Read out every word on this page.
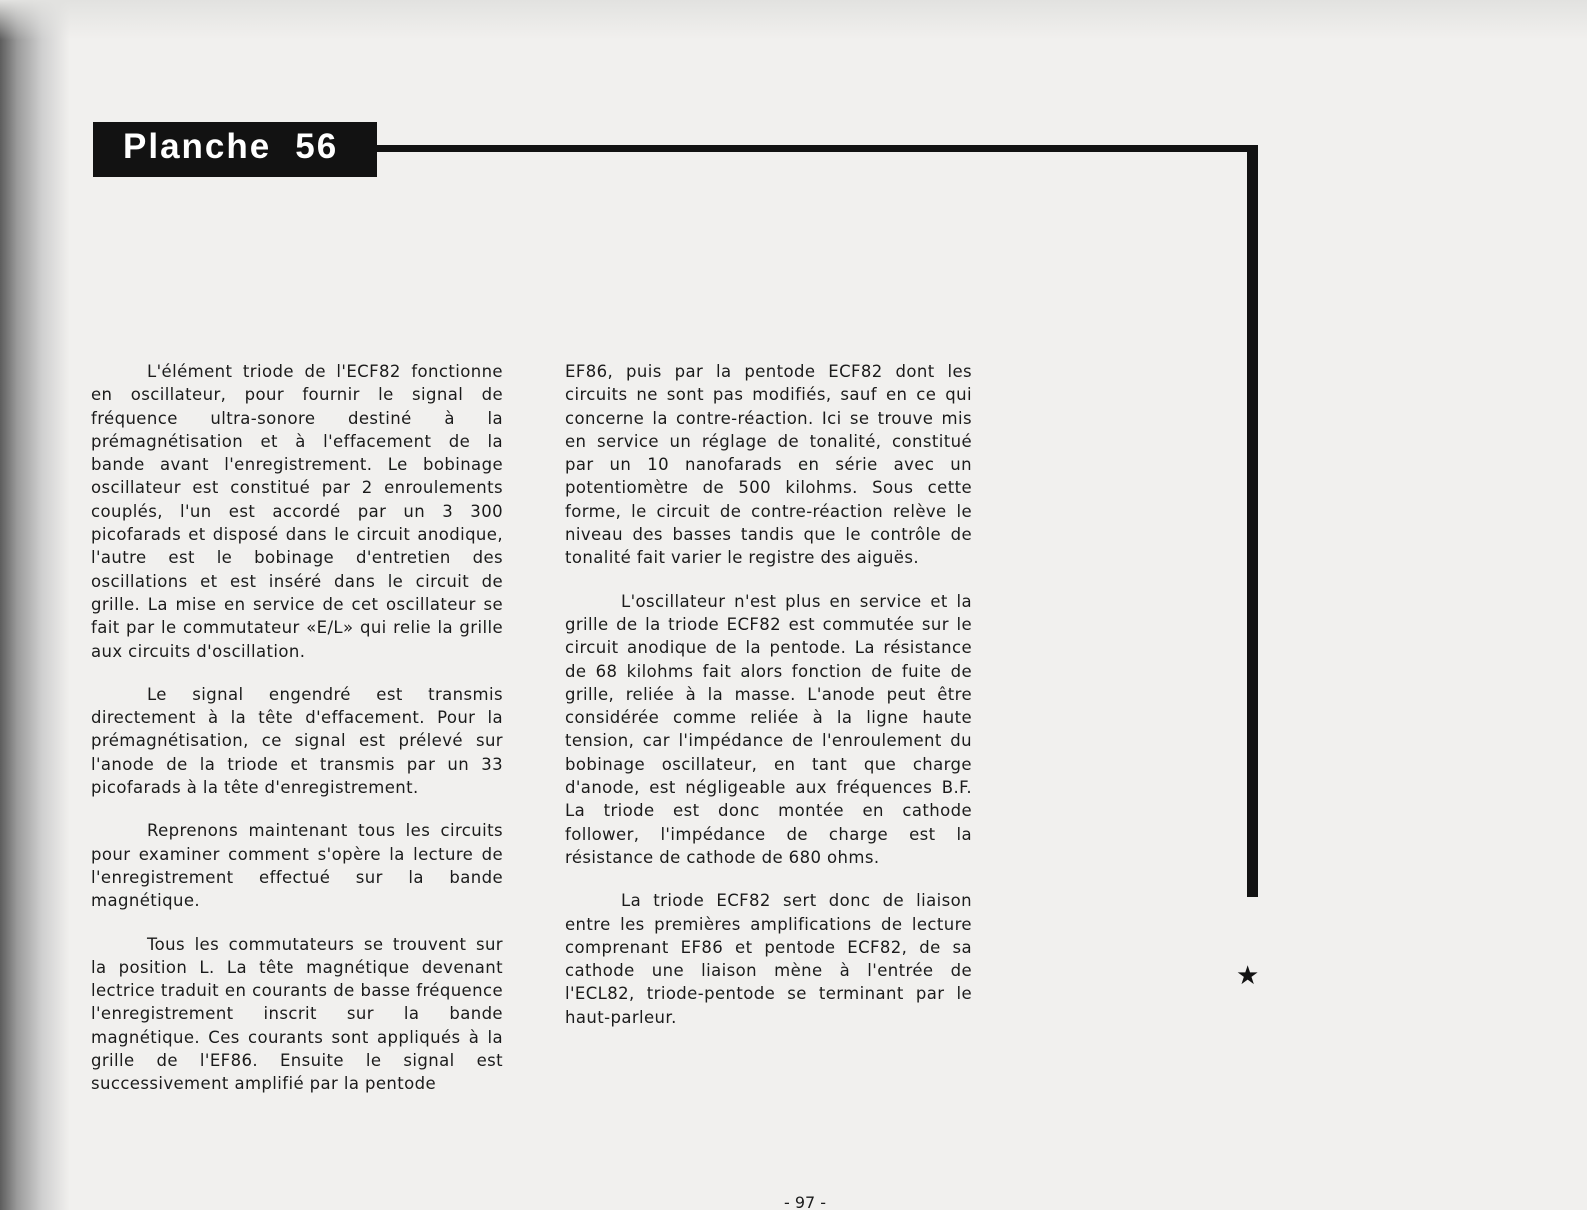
Planche 56
★

L'élément triode de l'ECF82 fonctionne en oscillateur, pour fournir le signal de fréquence ultra-sonore destiné à la prémagnétisation et à l'effacement de la bande avant l'enregistrement. Le bobinage oscillateur est constitué par 2 enroulements couplés, l'un est accordé par un 3 300 picofarads et disposé dans le circuit anodique, l'autre est le bobinage d'entretien des oscillations et est inséré dans le circuit de grille. La mise en service de cet oscillateur se fait par le commutateur «E/L» qui relie la grille aux circuits d'oscillation.

Le signal engendré est transmis directement à la tête d'effacement. Pour la prémagnétisation, ce signal est prélevé sur l'anode de la triode et transmis par un 33 picofarads à la tête d'enregistrement.

Reprenons maintenant tous les circuits pour examiner comment s'opère la lecture de l'enregistrement effectué sur la bande magnétique.

Tous les commutateurs se trouvent sur la position L. La tête magnétique devenant lectrice traduit en courants de basse fréquence l'enregistrement inscrit sur la bande magnétique. Ces courants sont appliqués à la grille de l'EF86. Ensuite le signal est successivement amplifié par la pentode

EF86, puis par la pentode ECF82 dont les circuits ne sont pas modifiés, sauf en ce qui concerne la contre-réaction. Ici se trouve mis en service un réglage de tonalité, constitué par un 10 nanofarads en série avec un potentiomètre de 500 kilohms. Sous cette forme, le circuit de contre-réaction relève le niveau des basses tandis que le contrôle de tonalité fait varier le registre des aiguës.

L'oscillateur n'est plus en service et la grille de la triode ECF82 est commutée sur le circuit anodique de la pentode. La résistance de 68 kilohms fait alors fonction de fuite de grille, reliée à la masse. L'anode peut être considérée comme reliée à la ligne haute tension, car l'impédance de l'enroulement du bobinage oscillateur, en tant que charge d'anode, est négligeable aux fréquences B.F. La triode est donc montée en cathode follower, l'impédance de charge est la résistance de cathode de 680 ohms.

La triode ECF82 sert donc de liaison entre les premières amplifications de lecture comprenant EF86 et pentode ECF82, de sa cathode une liaison mène à l'entrée de l'ECL82, triode-pentode se terminant par le haut-parleur.

- 97 -
